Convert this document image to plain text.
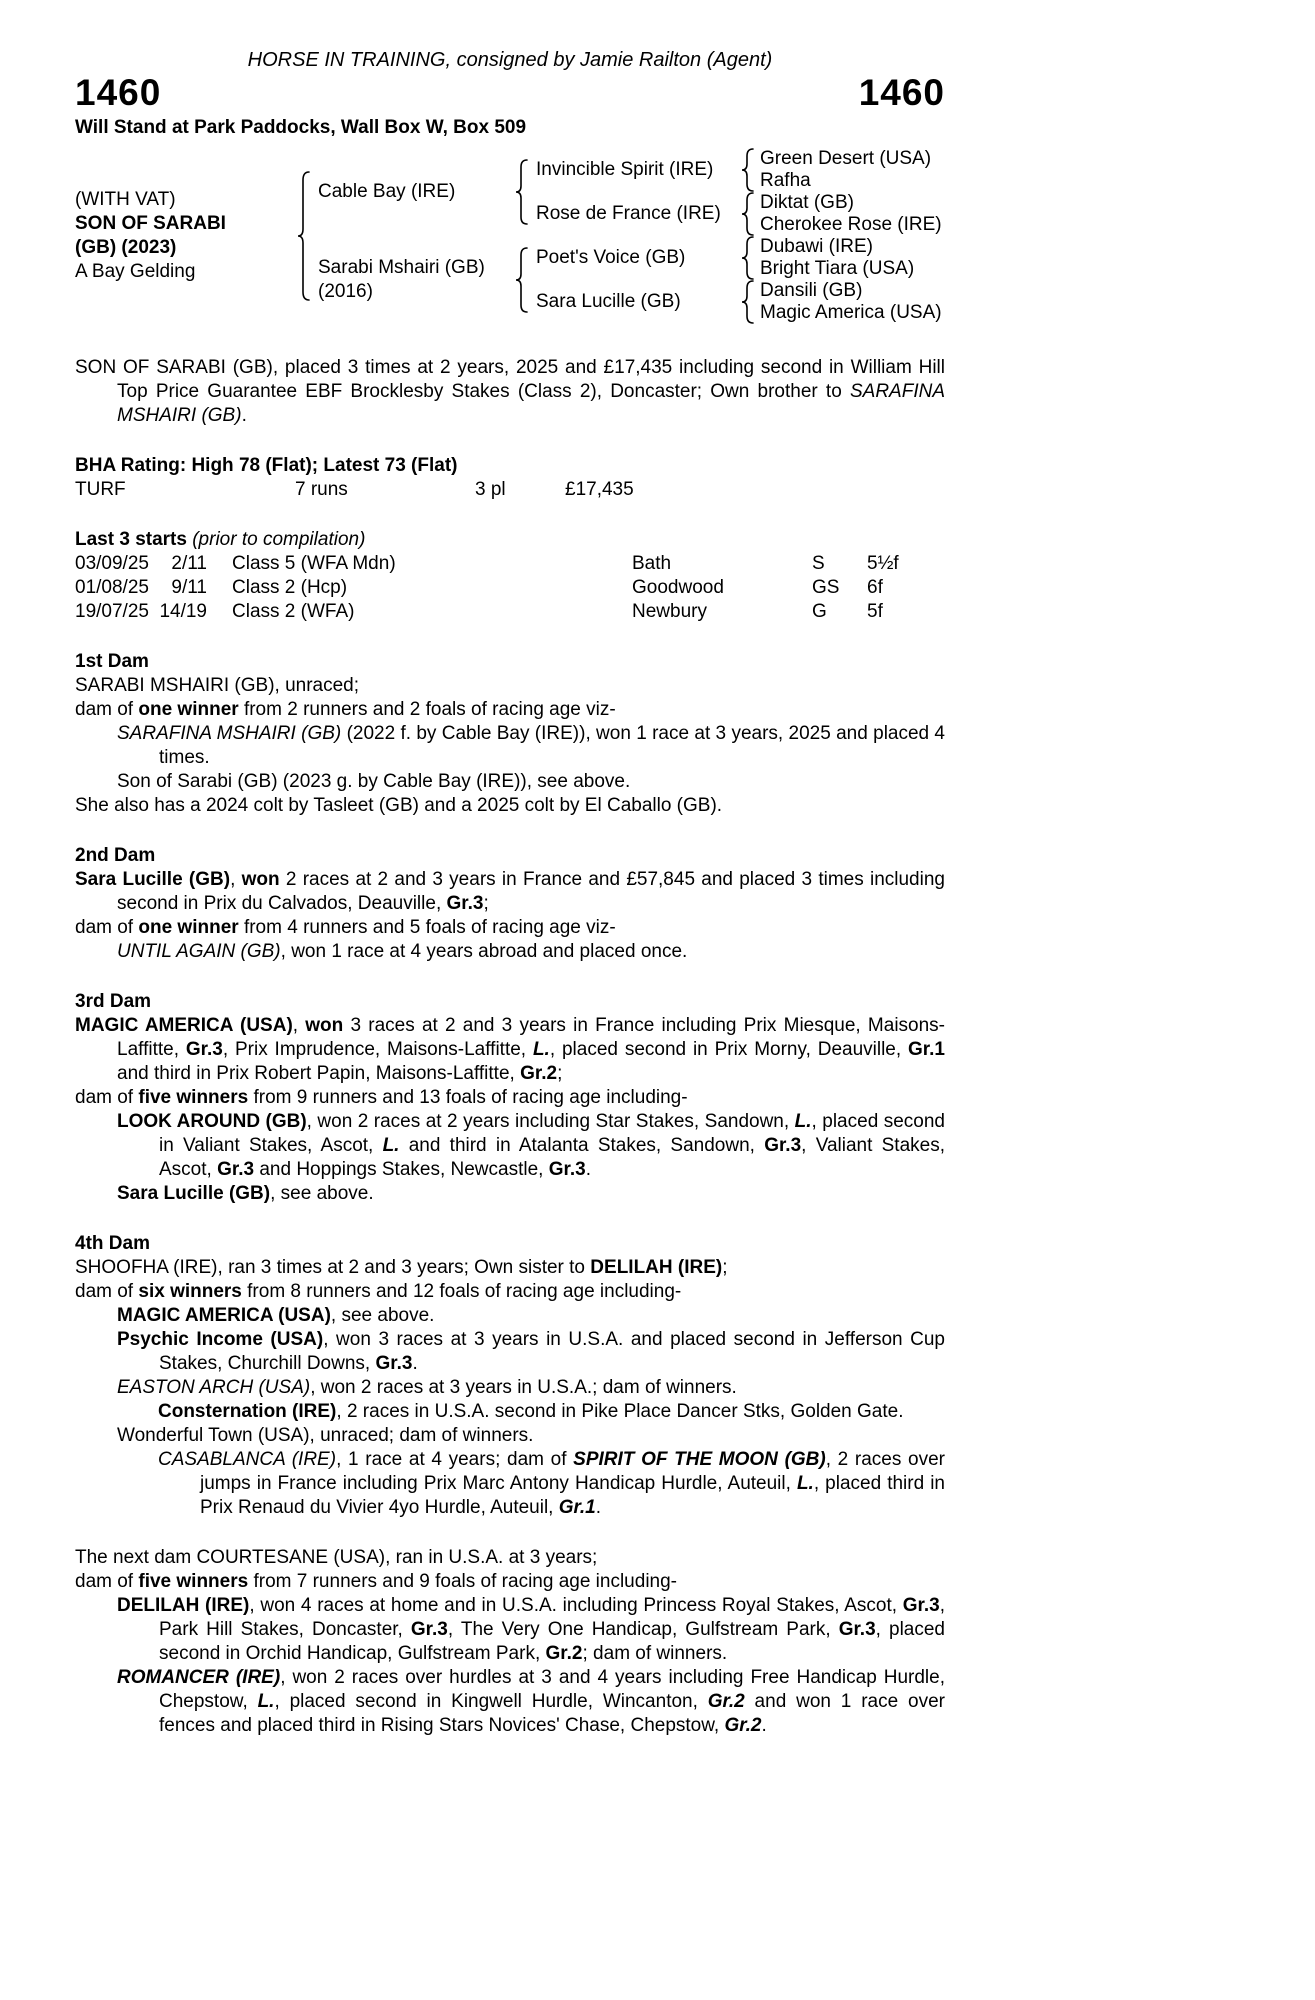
HORSE IN TRAINING, consigned by Jamie Railton (Agent)
1460	1460
Will Stand at Park Paddocks, Wall Box W, Box 509
(WITH VAT)
SON OF SARABI
(GB) (2023)
A Bay Gelding
Cable Bay (IRE)
Sarabi Mshairi (GB)
(2016)
Invincible Spirit (IRE)
Rose de France (IRE)
Poet's Voice (GB)
Sara Lucille (GB)
Green Desert (USA)
Rafha
Diktat (GB)
Cherokee Rose (IRE)
Dubawi (IRE)
Bright Tiara (USA)
Dansili (GB)
Magic America (USA)
SON OF SARABI (GB), placed 3 times at 2 years, 2025 and £17,435 including second in William Hill Top Price Guarantee EBF Brocklesby Stakes (Class 2), Doncaster; Own brother to SARAFINA MSHAIRI (GB).
BHA Rating: High 78 (Flat); Latest 73 (Flat)
TURF	7 runs	3 pl	£17,435
Last 3 starts (prior to compilation)
03/09/25	2/11	Class 5 (WFA Mdn)	Bath	S	5½f
01/08/25	9/11	Class 2 (Hcp)	Goodwood	GS	6f
19/07/25 14/19	Class 2 (WFA)	Newbury	G	5f
1st Dam
SARABI MSHAIRI (GB), unraced;
dam of one winner from 2 runners and 2 foals of racing age viz-
SARAFINA MSHAIRI (GB) (2022 f. by Cable Bay (IRE)), won 1 race at 3 years, 2025 and placed 4 times.
Son of Sarabi (GB) (2023 g. by Cable Bay (IRE)), see above.
She also has a 2024 colt by Tasleet (GB) and a 2025 colt by El Caballo (GB).
2nd Dam
Sara Lucille (GB), won 2 races at 2 and 3 years in France and £57,845 and placed 3 times including second in Prix du Calvados, Deauville, Gr.3;
dam of one winner from 4 runners and 5 foals of racing age viz-
UNTIL AGAIN (GB), won 1 race at 4 years abroad and placed once.
3rd Dam
MAGIC AMERICA (USA), won 3 races at 2 and 3 years in France including Prix Miesque, Maisons-Laffitte, Gr.3, Prix Imprudence, Maisons-Laffitte, L., placed second in Prix Morny, Deauville, Gr.1 and third in Prix Robert Papin, Maisons-Laffitte, Gr.2;
dam of five winners from 9 runners and 13 foals of racing age including-
LOOK AROUND (GB), won 2 races at 2 years including Star Stakes, Sandown, L., placed second in Valiant Stakes, Ascot, L. and third in Atalanta Stakes, Sandown, Gr.3, Valiant Stakes, Ascot, Gr.3 and Hoppings Stakes, Newcastle, Gr.3.
Sara Lucille (GB), see above.
4th Dam
SHOOFHA (IRE), ran 3 times at 2 and 3 years; Own sister to DELILAH (IRE);
dam of six winners from 8 runners and 12 foals of racing age including-
MAGIC AMERICA (USA), see above.
Psychic Income (USA), won 3 races at 3 years in U.S.A. and placed second in Jefferson Cup Stakes, Churchill Downs, Gr.3.
EASTON ARCH (USA), won 2 races at 3 years in U.S.A.; dam of winners.
Consternation (IRE), 2 races in U.S.A. second in Pike Place Dancer Stks, Golden Gate.
Wonderful Town (USA), unraced; dam of winners.
CASABLANCA (IRE), 1 race at 4 years; dam of SPIRIT OF THE MOON (GB), 2 races over jumps in France including Prix Marc Antony Handicap Hurdle, Auteuil, L., placed third in Prix Renaud du Vivier 4yo Hurdle, Auteuil, Gr.1.
The next dam COURTESANE (USA), ran in U.S.A. at 3 years;
dam of five winners from 7 runners and 9 foals of racing age including-
DELILAH (IRE), won 4 races at home and in U.S.A. including Princess Royal Stakes, Ascot, Gr.3, Park Hill Stakes, Doncaster, Gr.3, The Very One Handicap, Gulfstream Park, Gr.3, placed second in Orchid Handicap, Gulfstream Park, Gr.2; dam of winners.
ROMANCER (IRE), won 2 races over hurdles at 3 and 4 years including Free Handicap Hurdle, Chepstow, L., placed second in Kingwell Hurdle, Wincanton, Gr.2 and won 1 race over fences and placed third in Rising Stars Novices' Chase, Chepstow, Gr.2.
